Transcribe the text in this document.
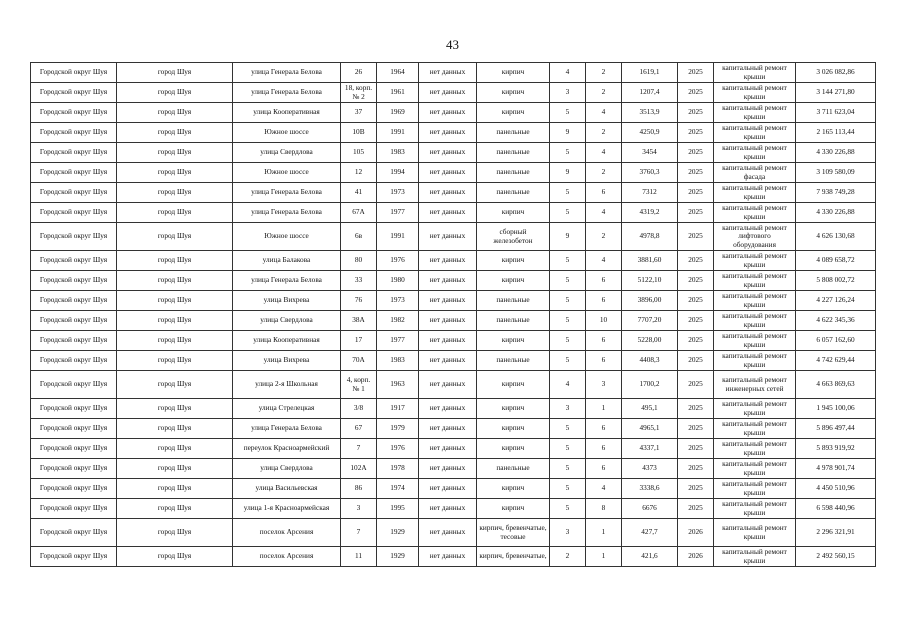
43
Городской округ Шуя	город Шуя	улица Генерала Белова	26	1964	нет данных	кирпич	4	2	1619,1	2025	капитальный ремонт крыши	3 026 082,86
Городской округ Шуя	город Шуя	улица Генерала Белова	18, корп. № 2	1961	нет данных	кирпич	3	2	1207,4	2025	капитальный ремонт крыши	3 144 271,80
Городской округ Шуя	город Шуя	улица Кооперативная	37	1969	нет данных	кирпич	5	4	3513,9	2025	капитальный ремонт крыши	3 711 623,04
Городской округ Шуя	город Шуя	Южное шоссе	10В	1991	нет данных	панельные	9	2	4250,9	2025	капитальный ремонт крыши	2 165 113,44
Городской округ Шуя	город Шуя	улица Свердлова	105	1983	нет данных	панельные	5	4	3454	2025	капитальный ремонт крыши	4 330 226,88
Городской округ Шуя	город Шуя	Южное шоссе	12	1994	нет данных	панельные	9	2	3760,3	2025	капитальный ремонт фасада	3 109 580,09
Городской округ Шуя	город Шуя	улица Генерала Белова	41	1973	нет данных	панельные	5	6	7312	2025	капитальный ремонт крыши	7 938 749,28
Городской округ Шуя	город Шуя	улица Генерала Белова	67А	1977	нет данных	кирпич	5	4	4319,2	2025	капитальный ремонт крыши	4 330 226,88
Городской округ Шуя	город Шуя	Южное шоссе	6в	1991	нет данных	сборный железобетон	9	2	4978,8	2025	капитальный ремонт лифтового оборудования	4 626 130,68
Городской округ Шуя	город Шуя	улица Балакова	80	1976	нет данных	кирпич	5	4	3881,60	2025	капитальный ремонт крыши	4 089 658,72
Городской округ Шуя	город Шуя	улица Генерала Белова	33	1980	нет данных	кирпич	5	6	5122,10	2025	капитальный ремонт крыши	5 808 002,72
Городской округ Шуя	город Шуя	улица Вихрева	76	1973	нет данных	панельные	5	6	3896,00	2025	капитальный ремонт крыши	4 227 126,24
Городской округ Шуя	город Шуя	улица Свердлова	38А	1982	нет данных	панельные	5	10	7707,20	2025	капитальный ремонт крыши	4 622 345,36
Городской округ Шуя	город Шуя	улица Кооперативная	17	1977	нет данных	кирпич	5	6	5228,00	2025	капитальный ремонт крыши	6 057 162,60
Городской округ Шуя	город Шуя	улица Вихрева	70А	1983	нет данных	панельные	5	6	4408,3	2025	капитальный ремонт крыши	4 742 629,44
Городской округ Шуя	город Шуя	улица 2-я Школьная	4, корп. № 1	1963	нет данных	кирпич	4	3	1700,2	2025	капитальный ремонт инженерных сетей	4 663 869,63
Городской округ Шуя	город Шуя	улица Стрелецкая	3/8	1917	нет данных	кирпич	3	1	495,1	2025	капитальный ремонт крыши	1 945 100,06
Городской округ Шуя	город Шуя	улица Генерала Белова	67	1979	нет данных	кирпич	5	6	4965,1	2025	капитальный ремонт крыши	5 896 497,44
Городской округ Шуя	город Шуя	переулок Красноармейский	7	1976	нет данных	кирпич	5	6	4337,1	2025	капитальный ремонт крыши	5 893 919,92
Городской округ Шуя	город Шуя	улица Свердлова	102А	1978	нет данных	панельные	5	6	4373	2025	капитальный ремонт крыши	4 978 901,74
Городской округ Шуя	город Шуя	улица Васильевская	86	1974	нет данных	кирпич	5	4	3338,6	2025	капитальный ремонт крыши	4 450 510,96
Городской округ Шуя	город Шуя	улица 1-я Красноармейская	3	1995	нет данных	кирпич	5	8	6676	2025	капитальный ремонт крыши	6 598 440,96
Городской округ Шуя	город Шуя	поселок Арсения	7	1929	нет данных	кирпич, бревенчатые, тесовые	3	1	427,7	2026	капитальный ремонт крыши	2 296 321,91
Городской округ Шуя	город Шуя	поселок Арсения	11	1929	нет данных	кирпич, бревенчатые,	2	1	421,6	2026	капитальный ремонт крыши	2 492 560,15
